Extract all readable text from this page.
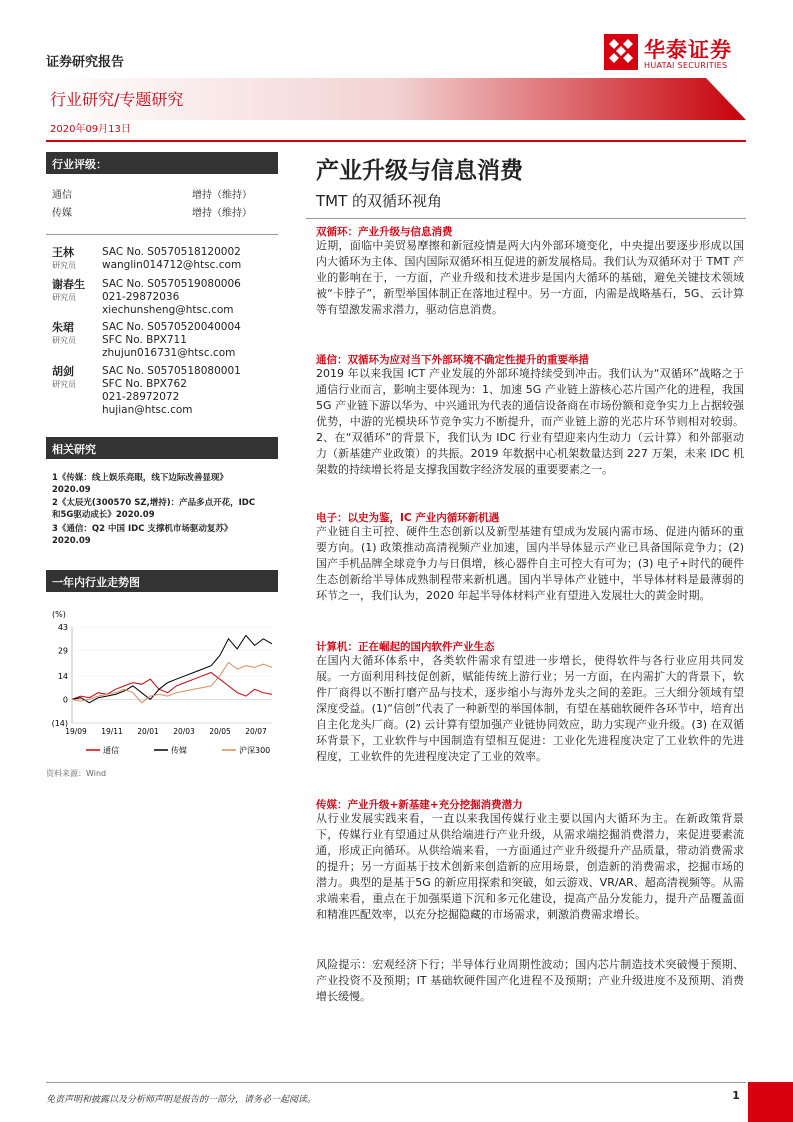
证券研究报告
华泰证券
HUATAI SECURITIES
行业研究/专题研究
2020年09月13日
行业评级：
通信	增持（维持）
传媒	增持（维持）
王林
研究员
SAC No. S0570518120002
wanglin014712@htsc.com
谢春生
研究员
SAC No. S0570519080006
021-29872036
xiechunsheng@htsc.com
朱珺
研究员
SAC No. S0570520040004
SFC No. BPX711
zhujun016731@htsc.com
胡剑
研究员
SAC No. S0570518080001
SFC No. BPX762
021-28972072
hujian@htsc.com
相关研究
1《传媒：线上娱乐亮眼，线下边际改善显现》
2020.09
2《太辰光(300570 SZ,增持)：产品多点开花，IDC
和5G驱动成长》2020.09
3《通信：Q2 中国 IDC 支撑机市场驱动复苏》
2020.09
一年内行业走势图
(%)
43
29
14
0
(14)
19/09 19/11 20/01 20/03 20/05 20/07
通信	传媒	沪深300
资料来源：Wind
产业升级与信息消费
TMT 的双循环视角
双循环：产业升级与信息消费
近期，面临中美贸易摩擦和新冠疫情是两大内外部环境变化，中央提出要逐步形成以国内大循环为主体、国内国际双循环相互促进的新发展格局。我们认为双循环对于 TMT 产业的影响在于，一方面，产业升级和技术进步是国内大循环的基础，避免关键技术领域被“卡脖子”，新型举国体制正在落地过程中。另一方面，内需是战略基石，5G、云计算等有望激发需求潜力，驱动信息消费。
通信：双循环为应对当下外部环境不确定性提升的重要举措
2019 年以来我国 ICT 产业发展的外部环境持续受到冲击。我们认为“双循环”战略之于通信行业而言，影响主要体现为：1、加速 5G 产业链上游核心芯片国产化的进程，我国 5G 产业链下游以华为、中兴通讯为代表的通信设备商在市场份额和竞争实力上占据较强优势，中游的光模块环节竞争实力不断提升，而产业链上游的光芯片环节则相对较弱。2、在“双循环”的背景下，我们认为 IDC 行业有望迎来内生动力（云计算）和外部驱动力（新基建产业政策）的共振。2019 年数据中心机架数量达到 227 万架，未来 IDC 机架数的持续增长将是支撑我国数字经济发展的重要要素之一。
电子：以史为鉴，IC 产业内循环新机遇
产业链自主可控、硬件生态创新以及新型基建有望成为发展内需市场、促进内循环的重要方向。(1) 政策推动高清视频产业加速，国内半导体显示产业已具备国际竞争力；(2) 国产手机品牌全球竞争力与日俱增，核心器件自主可控大有可为；(3) 电子+时代的硬件生态创新给半导体成熟制程带来新机遇。国内半导体产业链中，半导体材料是最薄弱的环节之一，我们认为，2020 年起半导体材料产业有望进入发展壮大的黄金时期。
计算机：正在崛起的国内软件产业生态
在国内大循环体系中，各类软件需求有望进一步增长，使得软件与各行业应用共同发展。一方面利用科技促创新，赋能传统上游行业；另一方面，在内需扩大的背景下，软件厂商得以不断打磨产品与技术，逐步缩小与海外龙头之间的差距。三大细分领域有望深度受益。(1)“信创”代表了一种新型的举国体制，有望在基础软硬件各环节中，培育出自主化龙头厂商。(2) 云计算有望加强产业链协同效应，助力实现产业升级。(3) 在双循环背景下，工业软件与中国制造有望相互促进：工业化先进程度决定了工业软件的先进程度，工业软件的先进程度决定了工业的效率。
传媒：产业升级+新基建+充分挖掘消费潜力
从行业发展实践来看，一直以来我国传媒行业主要以国内大循环为主。在新政策背景下，传媒行业有望通过从供给端进行产业升级，从需求端挖掘消费潜力，来促进要素流通，形成正向循环。从供给端来看，一方面通过产业升级提升产品质量，带动消费需求的提升；另一方面基于技术创新来创造新的应用场景，创造新的消费需求，挖掘市场的潜力。典型的是基于5G 的新应用探索和突破，如云游戏、VR/AR、超高清视频等。从需求端来看，重点在于加强渠道下沉和多元化建设，提高产品分发能力，提升产品覆盖面和精准匹配效率，以充分挖掘隐藏的市场需求，刺激消费需求增长。
风险提示：宏观经济下行；半导体行业周期性波动；国内芯片制造技术突破慢于预期、产业投资不及预期；IT 基础软硬件国产化进程不及预期；产业升级进度不及预期、消费增长缓慢。
免责声明和披露以及分析师声明是报告的一部分，请务必一起阅读。	1
